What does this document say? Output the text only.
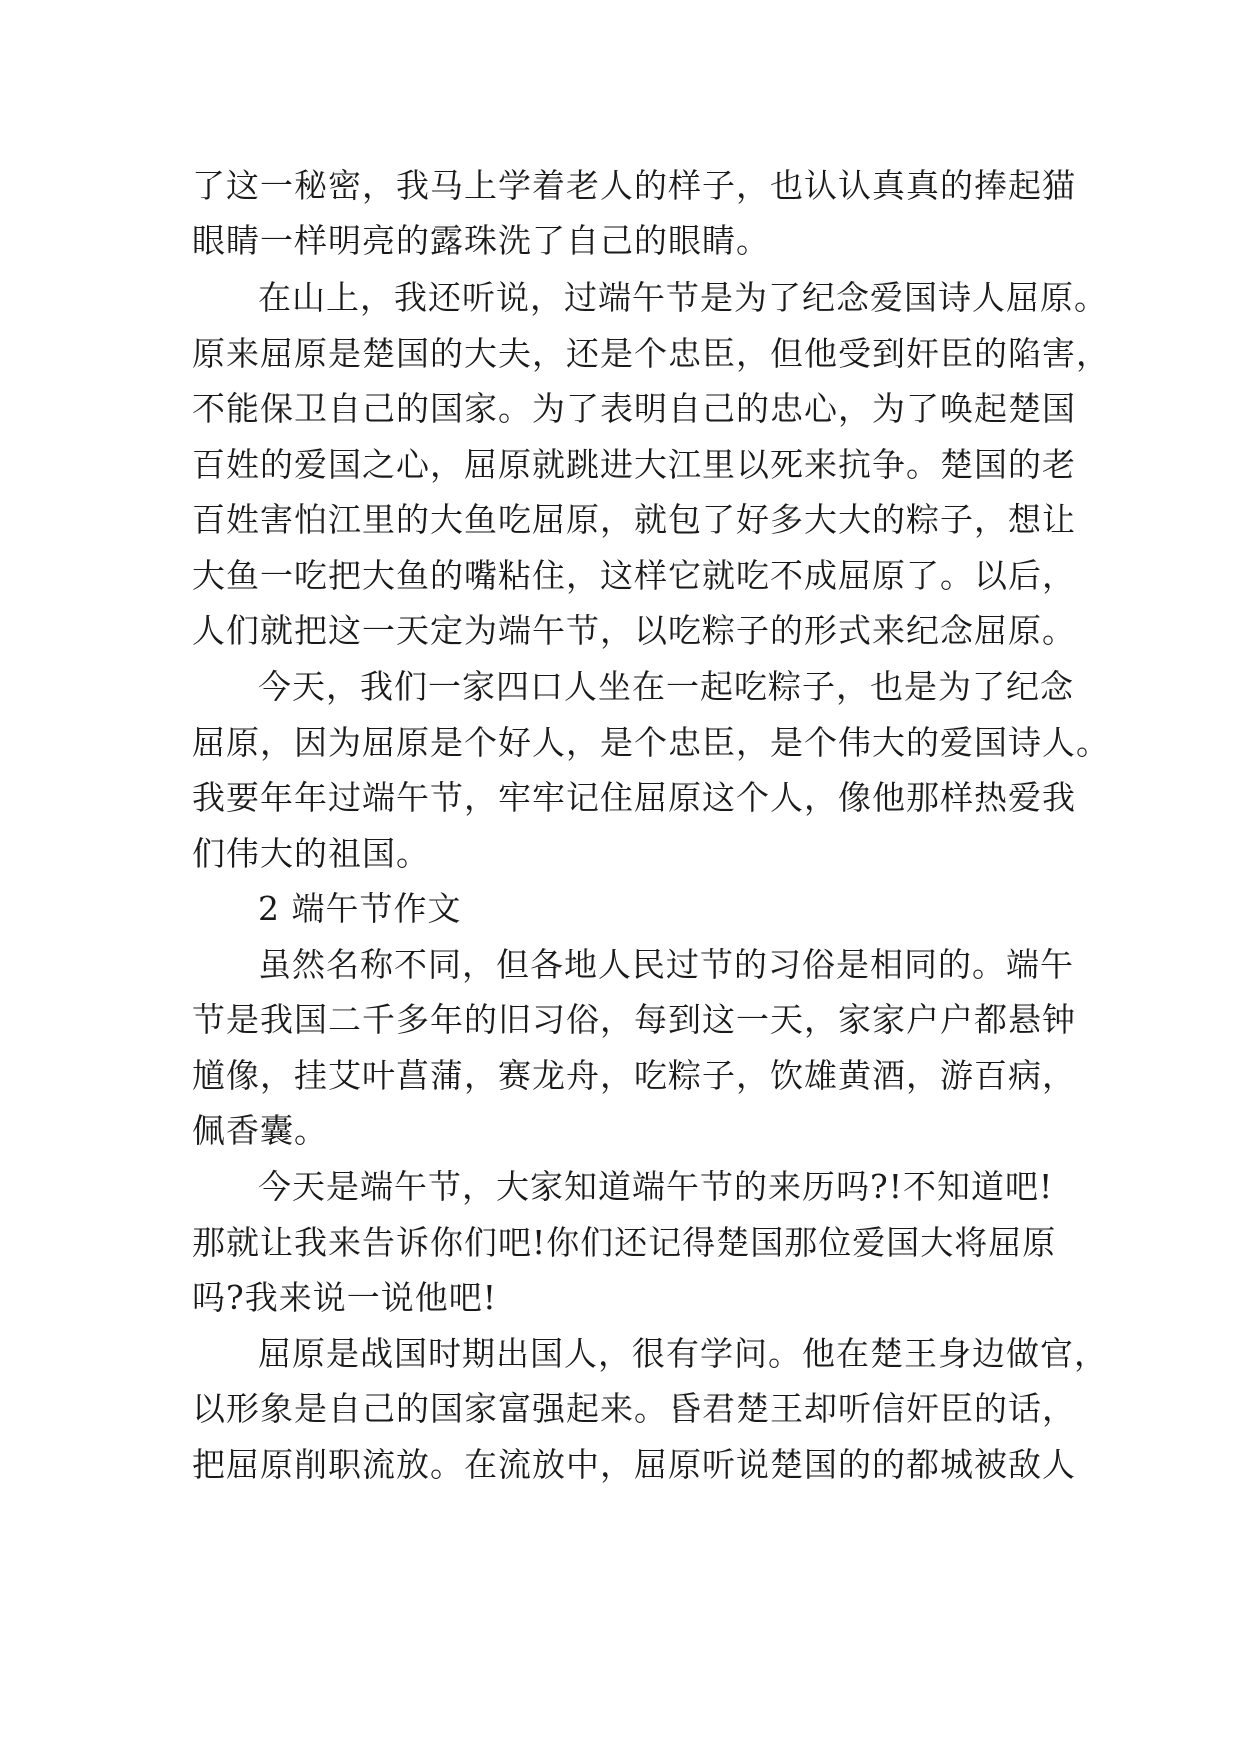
了这一秘密，我马上学着老人的样子，也认认真真的捧起猫
眼睛一样明亮的露珠洗了自己的眼睛。
在山上，我还听说，过端午节是为了纪念爱国诗人屈原。
原来屈原是楚国的大夫，还是个忠臣，但他受到奸臣的陷害，
不能保卫自己的国家。为了表明自己的忠心，为了唤起楚国
百姓的爱国之心，屈原就跳进大江里以死来抗争。楚国的老
百姓害怕江里的大鱼吃屈原，就包了好多大大的粽子，想让
大鱼一吃把大鱼的嘴粘住，这样它就吃不成屈原了。以后，
人们就把这一天定为端午节，以吃粽子的形式来纪念屈原。
今天，我们一家四口人坐在一起吃粽子，也是为了纪念
屈原，因为屈原是个好人，是个忠臣，是个伟大的爱国诗人。
我要年年过端午节，牢牢记住屈原这个人，像他那样热爱我
们伟大的祖国。
2 端午节作文
虽然名称不同，但各地人民过节的习俗是相同的。端午
节是我国二千多年的旧习俗，每到这一天，家家户户都悬钟
馗像，挂艾叶菖蒲，赛龙舟，吃粽子，饮雄黄酒，游百病，
佩香囊。
今天是端午节，大家知道端午节的来历吗?!不知道吧!
那就让我来告诉你们吧!你们还记得楚国那位爱国大将屈原
吗?我来说一说他吧!
屈原是战国时期出国人，很有学问。他在楚王身边做官，
以形象是自己的国家富强起来。昏君楚王却听信奸臣的话，
把屈原削职流放。在流放中，屈原听说楚国的的都城被敌人
